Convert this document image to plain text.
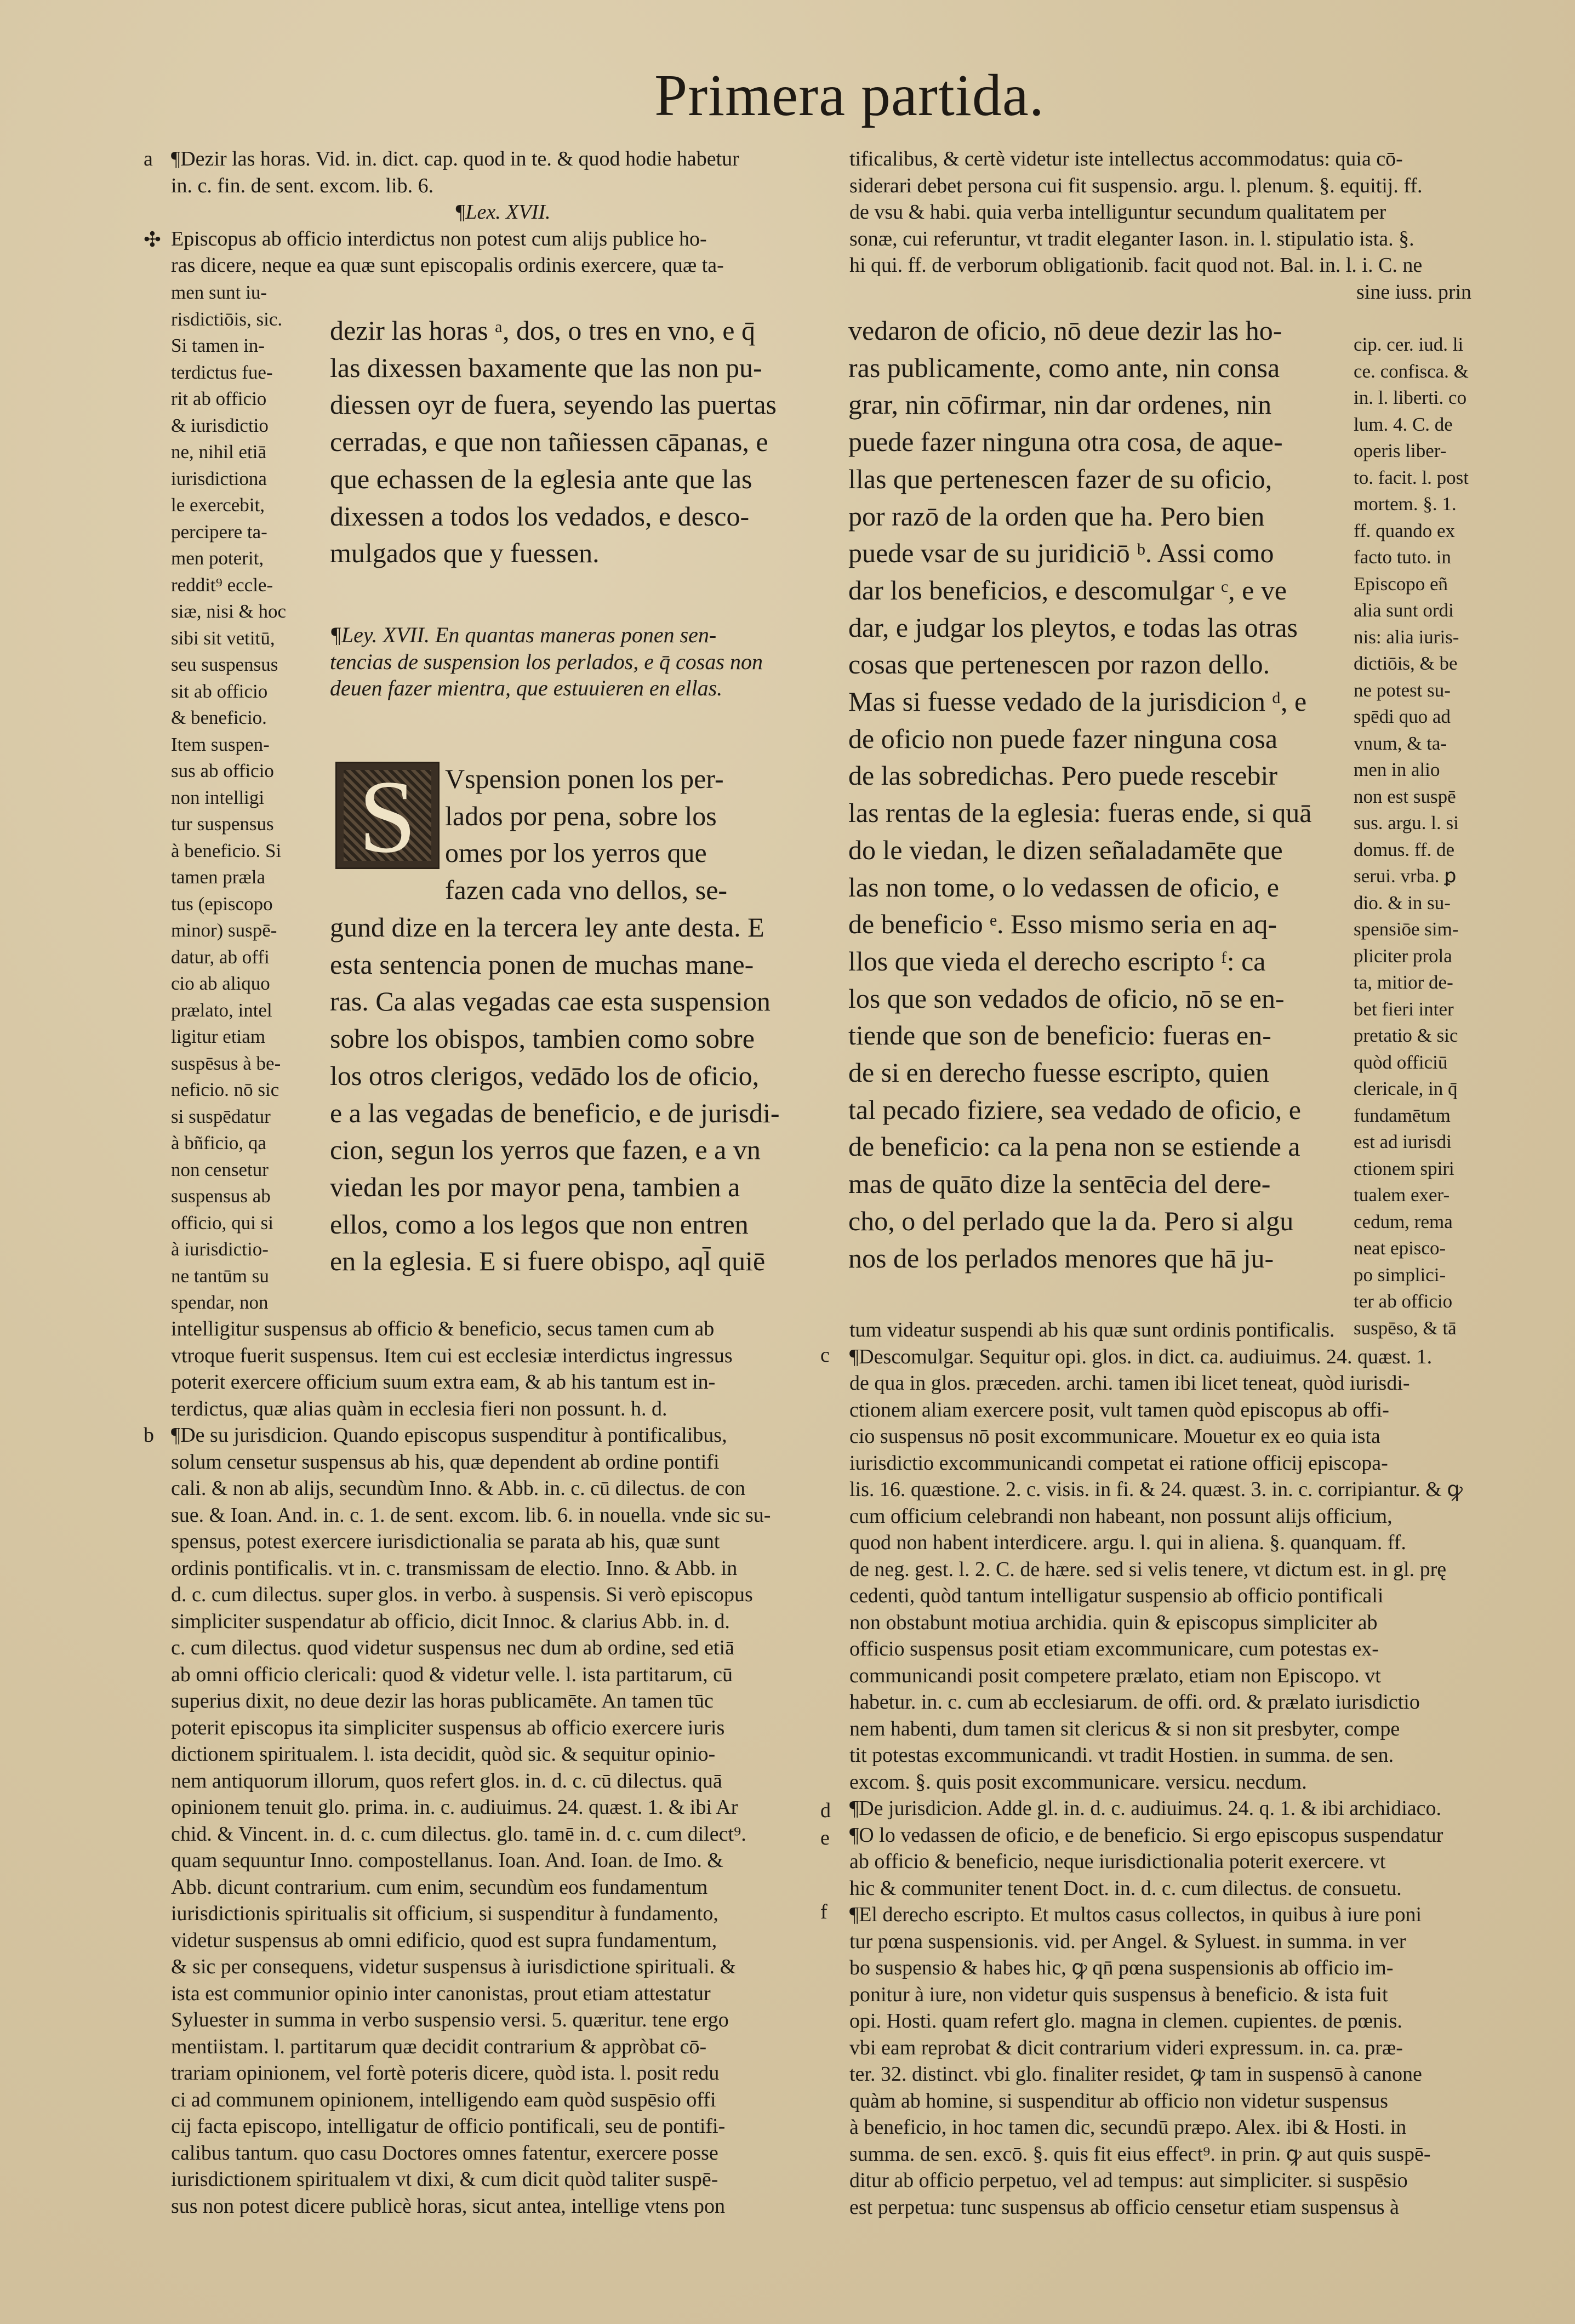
Primera partida.
a
✣
b
c
d
e
f

¶Dezir las horas. Vid. in. dict. cap. quod in te. & quod hodie habetur

in. c. fin. de sent. excom. lib. 6.

¶Lex. XVII.

Episcopus ab officio interdictus non potest cum alijs publice ho-

ras dicere, neque ea quæ sunt episcopalis ordinis exercere, quæ ta-

men sunt iu-

risdictiōis, sic.

Si tamen in-

terdictus fue-

rit ab officio

& iurisdictio

ne, nihil etiā

iurisdictiona

le exercebit,

percipere ta-

men poterit,

reddit⁹ eccle-

siæ, nisi & hoc

sibi sit vetitū,

seu suspensus

sit ab officio

& beneficio.

Item suspen-

sus ab officio

non intelligi

tur suspensus

à beneficio. Si

tamen prælа

tus (episcopo

minor) suspē-

datur, ab offi

cio ab aliquo

prælato, intel

ligitur etiam

suspēsus à be-

neficio. nō sic

si suspēdatur

à bñficio, qa

non censetur

suspensus ab

officio, qui si

à iurisdictio-

ne tantūm su

spendar, non

dezir las horas ᵃ, dos, o tres en vno, e q̄

las dixessen baxamente que las non pu-

diessen oyr de fuera, seyendo las puertas

cerradas, e que non tañiessen cāpanas, e

que echassen de la eglesia ante que las

dixessen a todos los vedados, e desco-

mulgados que y fuessen.

¶Ley. XVII. En quantas maneras ponen sen-

tencias de suspension los perlados, e q̄ cosas non

deuen fazer mientra, que estuuieren en ellas.

S	Vspension ponen los per-

lados por pena, sobre los

omes por los yerros que

fazen cada vno dellos, se-

gund dize en la tercera ley ante desta. E

esta sentencia ponen de muchas mane-

ras. Ca alas vegadas cae esta suspension

sobre los obispos, tambien como sobre

los otros clerigos, vedādo los de oficio,

e a las vegadas de beneficio, e de jurisdi-

cion, segun los yerros que fazen, e a vn

viedan les por mayor pena, tambien a

ellos, como a los legos que non entren

en la eglesia. E si fuere obispo, aql̄ quiē

tificalibus, & certè videtur iste intellectus accommodatus: quia cō-

siderari debet persona cui fit suspensio. argu. l. plenum. §. equitij. ff.

de vsu & habi. quia verba intelliguntur secundum qualitatem per

sonæ, cui referuntur, vt tradit eleganter Iason. in. l. stipulatio ista. §.

hi qui. ff. de verborum obligationib. facit quod not. Bal. in. l. i. C. ne

sine iuss. prin

vedaron de oficio, nō deue dezir las ho-

ras publicamente, como ante, nin consa

grar, nin cōfirmar, nin dar ordenes, nin

puede fazer ninguna otra cosa, de aque-

llas que pertenescen fazer de su oficio,

por razō de la orden que ha. Pero bien

puede vsar de su juridiciō ᵇ. Assi como

dar los beneficios, e descomulgar ᶜ, e ve

dar, e judgar los pleytos, e todas las otras

cosas que pertenescen por razon dello.

Mas si fuesse vedado de la jurisdicion ᵈ, e

de oficio non puede fazer ninguna cosa

de las sobredichas. Pero puede rescebir

las rentas de la eglesia: fueras ende, si quā

do le viedan, le dizen señaladamēte que

las non tome, o lo vedassen de oficio, e

de beneficio ᵉ. Esso mismo seria en aq-

llos que vieda el derecho escripto ᶠ: ca

los que son vedados de oficio, nō se en-

tiende que son de beneficio: fueras en-

de si en derecho fuesse escripto, quien

tal pecado fiziere, sea vedado de oficio, e

de beneficio: ca la pena non se estiende a

mas de quāto dize la sentēcia del dere-

cho, o del perlado que la da. Pero si algu

nos de los perlados menores que hā ju-

cip. cer. iud. li

ce. confisca. &

in. l. liberti. co

lum. 4. C. de

operis liber-

to. facit. l. post

mortem. §. 1.

ff. quando ex

facto tuto. in

Episcopo eñ

alia sunt ordi

nis: alia iuris-

dictiōis, & be

ne potest su-

spēdi quo ad

vnum, & ta-

men in alio

non est suspē

sus. argu. l. si

domus. ff. de

serui. vrba. ꝑ

dio. & in su-

spensiōe sim-

pliciter prola

ta, mitior de-

bet fieri inter

pretatio & sic

quòd officiū

clericale, in q̄

fundamētum

est ad iurisdi

ctionem spiri

tualem exer-

cedum, rema

neat episco-

po simplici-

ter ab officio

suspēso, & tā

intelligitur suspensus ab officio & beneficio, secus tamen cum ab

vtroque fuerit suspensus. Item cui est ecclesiæ interdictus ingressus

poterit exercere officium suum extra eam, & ab his tantum est in-

terdictus, quæ alias quàm in ecclesia fieri non possunt. h. d.

¶De su jurisdicion. Quando episcopus suspenditur à pontificalibus,

solum censetur suspensus ab his, quæ dependent ab ordine pontifi

cali. & non ab alijs, secundùm Inno. & Abb. in. c. cū dilectus. de con

sue. & Ioan. And. in. c. 1. de sent. excom. lib. 6. in nouella. vnde sic su-

spensus, potest exercere iurisdictionalia se parata ab his, quæ sunt

ordinis pontificalis. vt in. c. transmissam de electio. Inno. & Abb. in

d. c. cum dilectus. super glos. in verbo. à suspensis. Si verò episcopus

simpliciter suspendatur ab officio, dicit Innoc. & clarius Abb. in. d.

c. cum dilectus. quod videtur suspensus nec dum ab ordine, sed etiā

ab omni officio clericali: quod & videtur velle. l. ista partitarum, cū

superius dixit, no deue dezir las horas publicamēte. An tamen tūc

poterit episcopus ita simpliciter suspensus ab officio exercere iuris

dictionem spiritualem. l. ista decidit, quòd sic. & sequitur opinio-

nem antiquorum illorum, quos refert glos. in. d. c. cū dilectus. quā

opinionem tenuit glo. prima. in. c. audiuimus. 24. quæst. 1. & ibi Ar

chid. & Vincent. in. d. c. cum dilectus. glo. tamē in. d. c. cum dilect⁹.

quam sequuntur Inno. compostellanus. Ioan. And. Ioan. de Imo. &

Abb. dicunt contrarium. cum enim, secundùm eos fundamentum

iurisdictionis spiritualis sit officium, si suspenditur à fundamento,

videtur suspensus ab omni edificio, quod est supra fundamentum,

& sic per consequens, videtur suspensus à iurisdictione spirituali. &

ista est communior opinio inter canonistas, prout etiam attestatur

Syluester in summa in verbo suspensio versi. 5. quæritur. tene ergo

mentiistam. l. partitarum quæ decidit contrarium & appròbat cō-

trariam opinionem, vel fortè poteris dicere, quòd ista. l. posit redu

ci ad communem opinionem, intelligendo eam quòd suspēsio offi

cij facta episcopo, intelligatur de officio pontificali, seu de pontifi-

calibus tantum. quo casu Doctores omnes fatentur, exercere posse

iurisdictionem spiritualem vt dixi, & cum dicit quòd taliter suspē-

sus non potest dicere publicè horas, sicut antea, intellige vtens pon

tum videatur suspendi ab his quæ sunt ordinis pontificalis.

¶Descomulgar. Sequitur opi. glos. in dict. ca. audiuimus. 24. quæst. 1.

de qua in glos. præceden. archi. tamen ibi licet teneat, quòd iurisdi-

ctionem aliam exercere posit, vult tamen quòd episcopus ab offi-

cio suspensus nō posit excommunicare. Mouetur ex eo quia ista

iurisdictio excommunicandi competat ei ratione officij episcopa-

lis. 16. quæstione. 2. c. visis. in fi. & 24. quæst. 3. in. c. corripiantur. & ꝙ

cum officium celebrandi non habeant, non possunt alijs officium,

quod non habent interdicere. argu. l. qui in aliena. §. quanquam. ff.

de neg. gest. l. 2. C. de hære. sed si velis tenere, vt dictum est. in gl. prę

cedenti, quòd tantum intelligatur suspensio ab officio pontificali

non obstabunt motiua archidia. quin & episcopus simpliciter ab

officio suspensus posit etiam excommunicare, cum potestas ex-

communicandi posit competere prælato, etiam non Episcopo. vt

habetur. in. c. cum ab ecclesiarum. de offi. ord. & prælato iurisdictio

nem habenti, dum tamen sit clericus & si non sit presbyter, compe

tit potestas excommunicandi. vt tradit Hostien. in summa. de sen.

excom. §. quis posit excommunicare. versicu. necdum.

¶De jurisdicion. Adde gl. in. d. c. audiuimus. 24. q. 1. & ibi archidiaco.

¶O lo vedassen de oficio, e de beneficio. Si ergo episcopus suspendatur

ab officio & beneficio, neque iurisdictionalia poterit exercere. vt

hic & communiter tenent Doct. in. d. c. cum dilectus. de consuetu.

¶El derecho escripto. Et multos casus collectos, in quibus à iure poni

tur pœna suspensionis. vid. per Angel. & Syluest. in summa. in ver

bo suspensio & habes hic, ꝙ qn̄ pœna suspensionis ab officio im-

ponitur à iure, non videtur quis suspensus à beneficio. & ista fuit

opi. Hosti. quam refert glo. magna in clemen. cupientes. de pœnis.

vbi eam reprobat & dicit contrarium videri expressum. in. ca. præ-

ter. 32. distinct. vbi glo. finaliter residet, ꝙ tam in suspensō à canone

quàm ab homine, si suspenditur ab officio non videtur suspensus

à beneficio, in hoc tamen dic, secundū præpo. Alex. ibi & Hosti. in

summa. de sen. excō. §. quis fit eius effect⁹. in prin. ꝙ aut quis suspē-

ditur ab officio perpetuo, vel ad tempus: aut simpliciter. si suspēsio

est perpetua: tunc suspensus ab officio censetur etiam suspensus à
